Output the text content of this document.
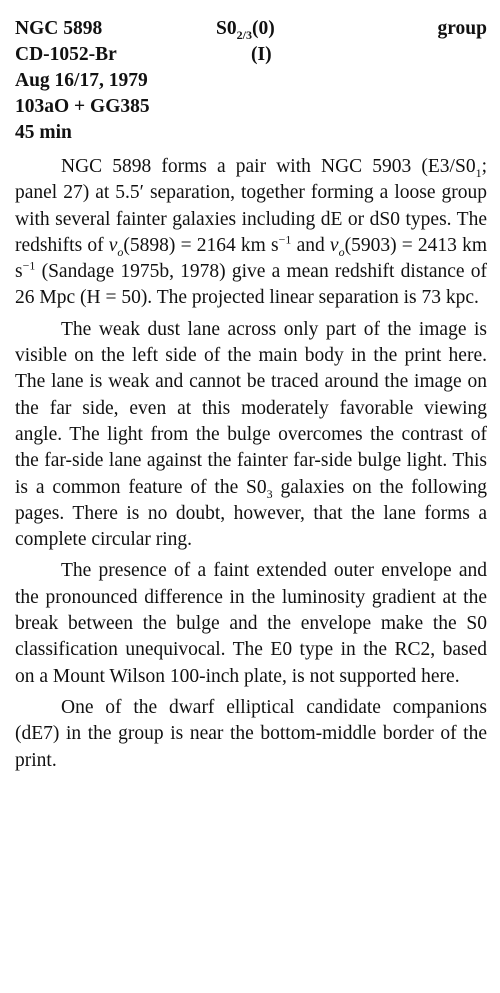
NGC 5898
CD-1052-Br
Aug 16/17, 1979
103aO + GG385
45 min
$S0_{2/3}(0)$
(I)
group

NGC 5898 forms a pair with NGC 5903 ($E3/S0_1$; panel 27) at 5.5′ separation, together forming a loose group with several fainter galaxies including dE or dS0 types. The redshifts of $v_o(5898) = 2164$ km $s^{-1}$ and $v_o(5903) = 2413$ km $s^{-1}$ (Sandage 1975b, 1978) give a mean redshift distance of 26 Mpc (H = 50). The projected linear separation is 73 kpc.

The weak dust lane across only part of the image is visible on the left side of the main body in the print here. The lane is weak and cannot be traced around the image on the far side, even at this moderately favorable viewing angle. The light from the bulge overcomes the contrast of the far-side lane against the fainter far-side bulge light. This is a common feature of the $S0_3$ galaxies on the following pages. There is no doubt, however, that the lane forms a complete circular ring.

The presence of a faint extended outer envelope and the pronounced difference in the luminosity gradient at the break between the bulge and the envelope make the S0 classification unequivocal. The E0 type in the RC2, based on a Mount Wilson 100-inch plate, is not supported here.

One of the dwarf elliptical candidate companions (dE7) in the group is near the bottom-middle border of the print.
